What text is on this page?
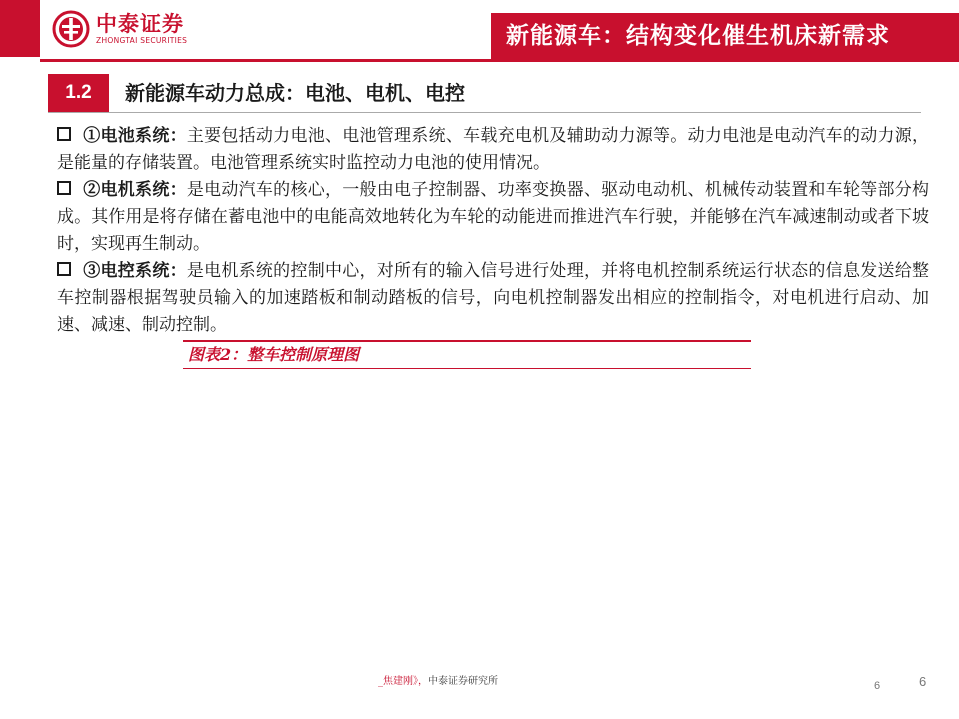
中泰证券
ZHONGTAI SECURITIES	新能源车：结构变化催生机床新需求
1.2	新能源车动力总成：电池、电机、电控

①电池系统：主要包括动力电池、电池管理系统、车载充电机及辅助动力源等。动力电池是电动汽车的动力源，是能量的存储装置。电池管理系统实时监控动力电池的使用情况。

②电机系统：是电动汽车的核心，一般由电子控制器、功率变换器、驱动电动机、机械传动装置和车轮等部分构成。其作用是将存储在蓄电池中的电能高效地转化为车轮的动能进而推进汽车行驶，并能够在汽车减速制动或者下坡时，实现再生制动。

③电控系统：是电机系统的控制中心，对所有的输入信号进行处理，并将电机控制系统运行状态的信息发送给整车控制器根据驾驶员输入的加速踏板和制动踏板的信号，向电机控制器发出相应的控制指令，对电机进行启动、加速、减速、制动控制。

图表2：整车控制原理图
_焦建刚》，中泰证券研究所	6	6
